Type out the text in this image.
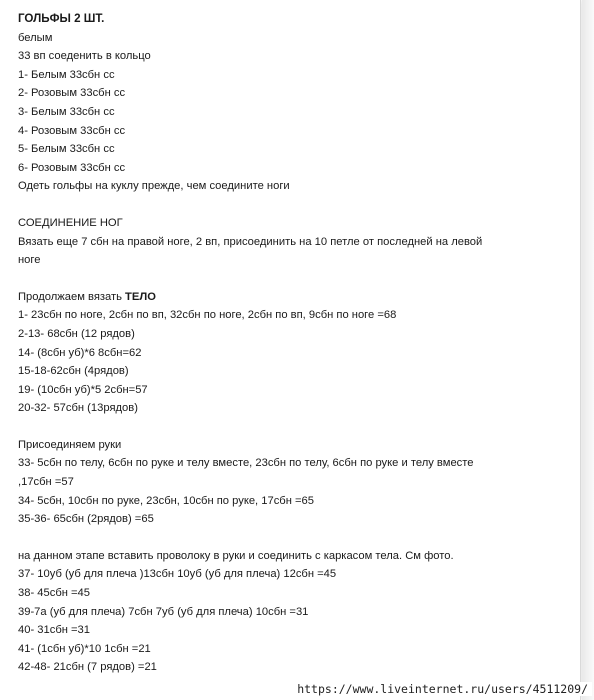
ГОЛЬФЫ 2 ШТ.
белым
33 вп соеденить в кольцо
1- Белым 33сбн сс
2- Розовым 33сбн сс
3- Белым 33сбн сс
4- Розовым 33сбн сс
5- Белым 33сбн сс
6- Розовым 33сбн сс
Одеть гольфы на куклу прежде, чем соедините ноги
СОЕДИНЕНИЕ НОГ
Вязать еще 7 сбн на правой ноге, 2 вп, присоединить на 10 петле от последней на левой
ноге
Продолжаем вязать ТЕЛО
1- 23сбн по ноге, 2сбн по вп, 32сбн по ноге, 2сбн по вп, 9сбн по ноге =68
2-13- 68сбн (12 рядов)
14- (8сбн уб)*6 8сбн=62
15-18-62сбн (4рядов)
19- (10сбн уб)*5 2сбн=57
20-32- 57сбн (13рядов)
Присоединяем руки
33- 5сбн по телу, 6сбн по руке и телу вместе, 23сбн по телу, 6сбн по руке и телу вместе
,17сбн =57
34- 5сбн, 10сбн по руке, 23сбн, 10сбн по руке, 17сбн =65
35-36- 65сбн (2рядов) =65
на данном этапе вставить проволоку в руки и соединить с каркасом тела. См фото.
37- 10уб (уб для плеча )13сбн 10уб (уб для плеча) 12сбн =45
38- 45сбн =45
39-7а (уб для плеча) 7сбн 7уб (уб для плеча) 10сбн =31
40- 31сбн =31
41- (1сбн уб)*10 1сбн =21
42-48- 21сбн (7 рядов) =21
https://www.liveinternet.ru/users/4511209/
